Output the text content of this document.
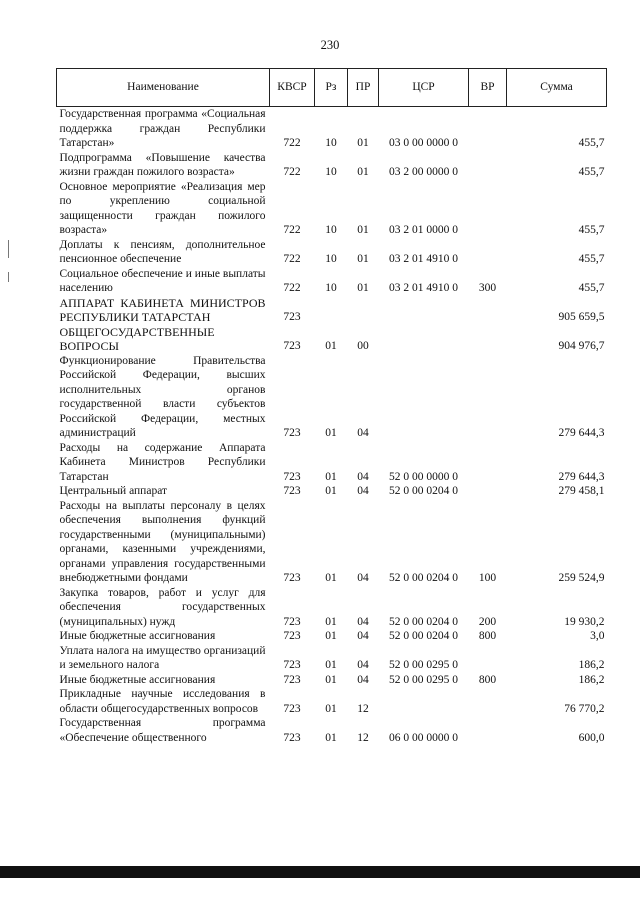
230
Наименование	КВСР	Рз	ПР	ЦСР	ВР	Сумма
Государственная программа «Социальная поддержка граждан Республики Татарстан»	722	10	01	03 0 00 0000 0		455,7
Подпрограмма «Повышение качества жизни граждан пожилого возраста»	722	10	01	03 2 00 0000 0		455,7
Основное мероприятие «Реализация мер по укреплению социальной защищенности граждан пожилого возраста»	722	10	01	03 2 01 0000 0		455,7
Доплаты к пенсиям, дополнительное пенсионное обеспечение	722	10	01	03 2 01 4910 0		455,7
Социальное обеспечение и иные выплаты населению	722	10	01	03 2 01 4910 0	300	455,7
АППАРАТ КАБИНЕТА МИНИСТРОВ РЕСПУБЛИКИ ТАТАРСТАН	723					905 659,5
ОБЩЕГОСУДАРСТВЕННЫЕ ВОПРОСЫ	723	01	00			904 976,7
Функционирование Правительства Российской Федерации, высших исполнительных органов государственной власти субъектов Российской Федерации, местных администраций	723	01	04			279 644,3
Расходы на содержание Аппарата Кабинета Министров Республики Татарстан	723	01	04	52 0 00 0000 0		279 644,3
Центральный аппарат	723	01	04	52 0 00 0204 0		279 458,1
Расходы на выплаты персоналу в целях обеспечения выполнения функций государственными (муниципальными) органами, казенными учреждениями, органами управления государственными внебюджетными фондами	723	01	04	52 0 00 0204 0	100	259 524,9
Закупка товаров, работ и услуг для обеспечения государственных (муниципальных) нужд	723	01	04	52 0 00 0204 0	200	19 930,2
Иные бюджетные ассигнования	723	01	04	52 0 00 0204 0	800	3,0
Уплата налога на имущество организаций и земельного налога	723	01	04	52 0 00 0295 0		186,2
Иные бюджетные ассигнования	723	01	04	52 0 00 0295 0	800	186,2
Прикладные научные исследования в области общегосударственных вопросов	723	01	12			76 770,2
Государственная программа «Обеспечение общественного	723	01	12	06 0 00 0000 0		600,0
